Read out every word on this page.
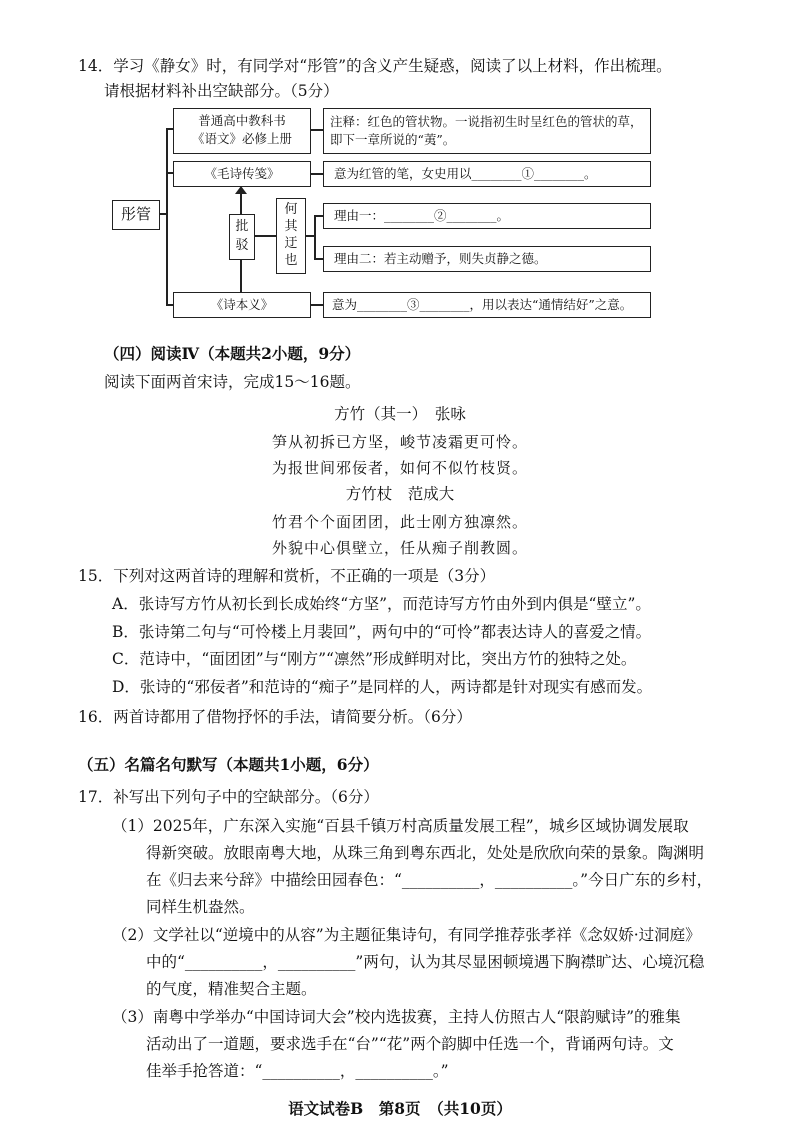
14．学习《静女》时，有同学对“彤管”的含义产生疑惑，阅读了以上材料，作出梳理。
请根据材料补出空缺部分。（5分）
彤管
普通高中教科书
《语文》必修上册
注释：红色的管状物。一说指初生时呈红色的管状的草，
即下一章所说的“荑”。
《毛诗传笺》	意为红管的笔，女史用以________①________。
批
驳
何
其
迂
也
理由一：________②________。
理由二：若主动赠予，则失贞静之德。
《诗本义》	意为________③________，用以表达“通情结好”之意。
（四）阅读Ⅳ（本题共2小题，9分）
阅读下面两首宋诗，完成15～16题。
方竹（其一）　张咏
笋从初拆已方坚，峻节凌霜更可怜。
为报世间邪佞者，如何不似竹枝贤。
方竹杖　范成大
竹君个个面团团，此士刚方独凛然。
外貌中心俱壁立，任从痴子削教圆。
15．下列对这两首诗的理解和赏析，不正确的一项是（3分）
A．张诗写方竹从初长到长成始终“方坚”，而范诗写方竹由外到内俱是“壁立”。
B．张诗第二句与“可怜楼上月裴回”，两句中的“可怜”都表达诗人的喜爱之情。
C．范诗中，“面团团”与“刚方”“凛然”形成鲜明对比，突出方竹的独特之处。
D．张诗的“邪佞者”和范诗的“痴子”是同样的人，两诗都是针对现实有感而发。
16．两首诗都用了借物抒怀的手法，请简要分析。（6分）
（五）名篇名句默写（本题共1小题，6分）
17．补写出下列句子中的空缺部分。（6分）
（1）2025年，广东深入实施“百县千镇万村高质量发展工程”，城乡区域协调发展取
得新突破。放眼南粤大地，从珠三角到粤东西北，处处是欣欣向荣的景象。陶渊明
在《归去来兮辞》中描绘田园春色：“__________，__________。”今日广东的乡村，
同样生机盎然。
（2）文学社以“逆境中的从容”为主题征集诗句，有同学推荐张孝祥《念奴娇·过洞庭》
中的“__________，__________”两句，认为其尽显困顿境遇下胸襟旷达、心境沉稳
的气度，精准契合主题。
（3）南粤中学举办“中国诗词大会”校内选拔赛，主持人仿照古人“限韵赋诗”的雅集
活动出了一道题，要求选手在“台”“花”两个韵脚中任选一个，背诵两句诗。文
佳举手抢答道：“__________，__________。”
语文试卷B　第8页　（共10页）
